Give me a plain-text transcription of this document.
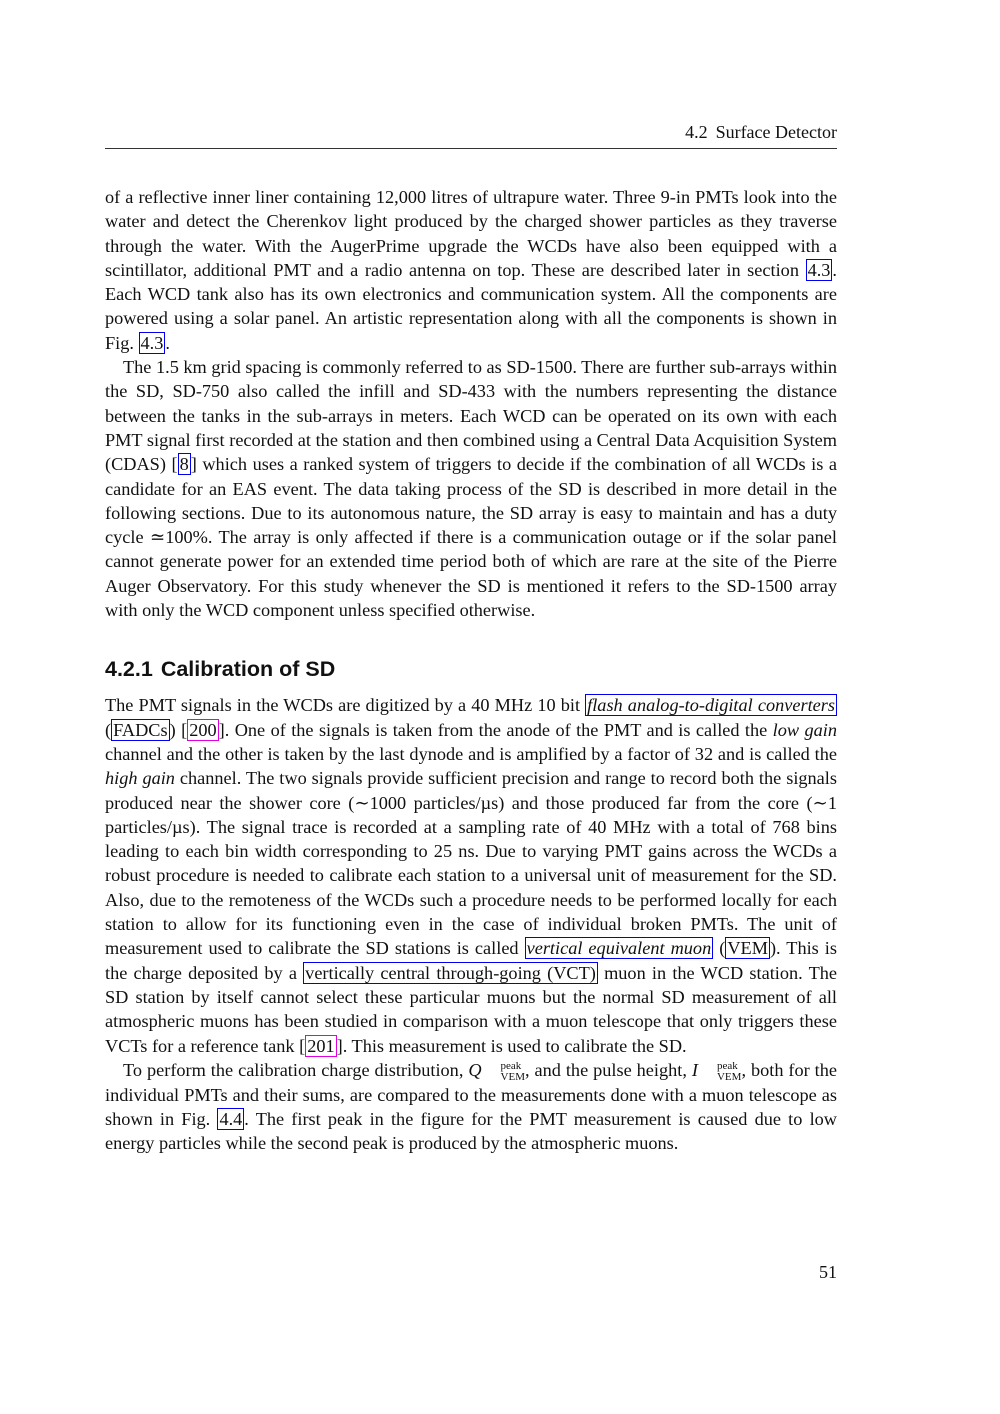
4.2 Surface Detector

of a reflective inner liner containing 12,000 litres of ultrapure water. Three 9-in PMTs look into the water and detect the Cherenkov light produced by the charged shower particles as they traverse through the water. With the AugerPrime upgrade the WCDs have also been equipped with a scintillator, additional PMT and a radio antenna on top. These are described later in section 4.3 . Each WCD tank also has its own electronics and communication system. All the components are powered using a solar panel. An artistic representation along with all the components is shown in Fig. 4.3 .

The 1.5 km grid spacing is commonly referred to as SD-1500. There are further sub-arrays within the SD, SD-750 also called the infill and SD-433 with the numbers representing the distance between the tanks in the sub-arrays in meters. Each WCD can be operated on its own with each PMT signal first recorded at the station and then combined using a Central Data Acquisition System (CDAS) [ 8 ] which uses a ranked system of triggers to decide if the combination of all WCDs is a candidate for an EAS event. The data taking process of the SD is described in more detail in the following sections. Due to its autonomous nature, the SD array is easy to maintain and has a duty cycle ≃100%. The array is only affected if there is a communication outage or if the solar panel cannot generate power for an extended time period both of which are rare at the site of the Pierre Auger Observatory. For this study whenever the SD is mentioned it refers to the SD-1500 array with only the WCD component unless specified otherwise.

4.2.1 Calibration of SD

The PMT signals in the WCDs are digitized by a 40 MHz 10 bit flash analog-to-digital converters ( FADCs ) [ 200 ]. One of the signals is taken from the anode of the PMT and is called the low gain channel and the other is taken by the last dynode and is amplified by a factor of 32 and is called the high gain channel. The two signals provide sufficient precision and range to record both the signals produced near the shower core (∼1000 particles/µs) and those produced far from the core (∼1 particles/µs). The signal trace is recorded at a sampling rate of 40 MHz with a total of 768 bins leading to each bin width corresponding to 25 ns. Due to varying PMT gains across the WCDs a robust procedure is needed to calibrate each station to a universal unit of measurement for the SD. Also, due to the remoteness of the WCDs such a procedure needs to be performed locally for each station to allow for its functioning even in the case of individual broken PMTs. The unit of measurement used to calibrate the SD stations is called vertical equivalent muon ( VEM ). This is the charge deposited by a vertically central through-going (VCT) muon in the WCD station. The SD station by itself cannot select these particular muons but the normal SD measurement of all atmospheric muons has been studied in comparison with a muon telescope that only triggers these VCTs for a reference tank [ 201 ]. This measurement is used to calibrate the SD.

To perform the calibration charge distribution, Q	peak
VEM , and the pulse height, I	peak
VEM , both for the individual PMTs and their sums, are compared to the measurements done with a muon telescope as shown in Fig. 4.4 . The first peak in the figure for the PMT measurement is caused due to low energy particles while the second peak is produced by the atmospheric muons.

51
